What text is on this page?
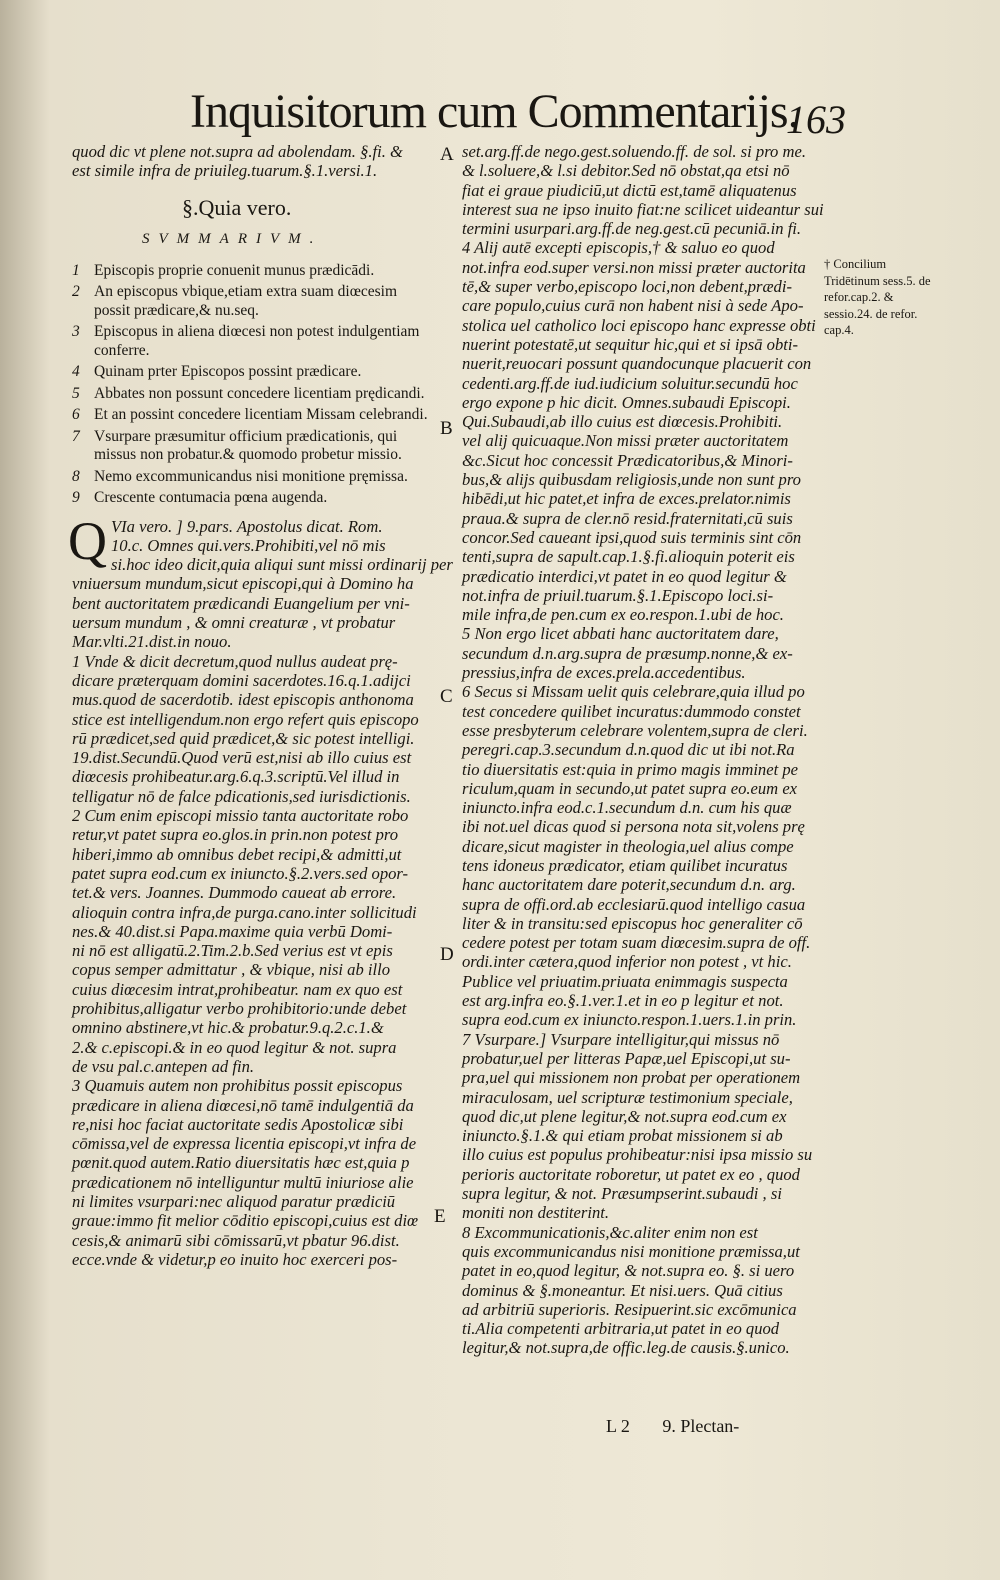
Inquisitorum cum Commentarijs.
163
quod dic vt plene not.supra ad abolendam. §.fi. &
est simile infra de priuileg.tuarum.§.1.versi.1.
§.Quia vero.
SVMMARIVM.
1 Episcopis proprie conuenit munus prædicādi.
2 An episcopus vbique,etiam extra suam diœcesim possit prædicare,& nu.seq.
3 Episcopus in aliena diœcesi non potest indulgentiam conferre.
4 Quinam prter Episcopos possint prædicare.
5 Abbates non possunt concedere licentiam prędicandi.
6 Et an possint concedere licentiam Missam celebrandi.
7 Vsurpare præsumitur officium prædicationis, qui missus non probatur.& quomodo probetur missio.
8 Nemo excommunicandus nisi monitione pręmissa.
9 Crescente contumacia pœna augenda.
Q VIa vero. ] 9.pars. Apostolus dicat. Rom.
10.c. Omnes qui.vers.Prohibiti,vel nō mis
si.hoc ideo dicit,quia aliqui sunt missi ordinarij per
vniuersum mundum,sicut episcopi,qui à Domino ha
bent auctoritatem prædicandi Euangelium per vni-
uersum mundum , & omni creaturæ , vt probatur
Mar.vlti.21.dist.in nouo.
1 Vnde & dicit decretum,quod nullus audeat prę-
dicare præterquam domini sacerdotes.16.q.1.adijci
mus.quod de sacerdotib. idest episcopis anthonoma
stice est intelligendum.non ergo refert quis episcopo
rū prædicet,sed quid prædicet,& sic potest intelligi.
19.dist.Secundū.Quod verū est,nisi ab illo cuius est
diœcesis prohibeatur.arg.6.q.3.scriptū.Vel illud in
telligatur nō de falce pdicationis,sed iurisdictionis.
2 Cum enim episcopi missio tanta auctoritate robo
retur,vt patet supra eo.glos.in prin.non potest pro
hiberi,immo ab omnibus debet recipi,& admitti,ut
patet supra eod.cum ex iniuncto.§.2.vers.sed opor-
tet.& vers. Joannes. Dummodo caueat ab errore.
alioquin contra infra,de purga.cano.inter sollicitudi
nes.& 40.dist.si Papa.maxime quia verbū Domi-
ni nō est alligatū.2.Tim.2.b.Sed verius est vt epis
copus semper admittatur , & vbique, nisi ab illo
cuius diœcesim intrat,prohibeatur. nam ex quo est
prohibitus,alligatur verbo prohibitorio:unde debet
omnino abstinere,vt hic.& probatur.9.q.2.c.1.&
2.& c.episcopi.& in eo quod legitur & not. supra
de vsu pal.c.antepen ad fin.
3 Quamuis autem non prohibitus possit episcopus
prædicare in aliena diœcesi,nō tamē indulgentiā da
re,nisi hoc faciat auctoritate sedis Apostolicæ sibi
cōmissa,vel de expressa licentia episcopi,vt infra de
pœnit.quod autem.Ratio diuersitatis hæc est,quia p
prædicationem nō intelliguntur multū iniuriose alie
ni limites vsurpari:nec aliquod paratur prædiciū
graue:immo fit melior cōditio episcopi,cuius est diœ
cesis,& animarū sibi cōmissarū,vt pbatur 96.dist.
ecce.vnde & videtur,p eo inuito hoc exerceri pos-
set.arg.ff.de nego.gest.soluendo.ff. de sol. si pro me.
& l.soluere,& l.si debitor.Sed nō obstat,qa etsi nō
fiat ei graue piudiciū,ut dictū est,tamē aliquatenus
interest sua ne ipso inuito fiat:ne scilicet uideantur sui
termini usurpari.arg.ff.de neg.gest.cū pecuniā.in fi.
4 Alij autē excepti episcopis,† & saluo eo quod
not.infra eod.super versi.non missi præter auctorita
tē,& super verbo,episcopo loci,non debent,prædi-
care populo,cuius curā non habent nisi à sede Apo-
stolica uel catholico loci episcopo hanc expresse obti
nuerint potestatē,ut sequitur hic,qui et si ipsā obti-
nuerit,reuocari possunt quandocunque placuerit con
cedenti.arg.ff.de iud.iudicium soluitur.secundū hoc
ergo expone p hic dicit. Omnes.subaudi Episcopi.
Qui.Subaudi,ab illo cuius est diœcesis.Prohibiti.
vel alij quicuaque.Non missi præter auctoritatem
&c.Sicut hoc concessit Prædicatoribus,& Minori-
bus,& alijs quibusdam religiosis,unde non sunt pro
hibēdi,ut hic patet,et infra de exces.prelator.nimis
praua.& supra de cler.nō resid.fraternitati,cū suis
concor.Sed caueant ipsi,quod suis terminis sint cōn
tenti,supra de sapult.cap.1.§.fi.alioquin poterit eis
prædicatio interdici,vt patet in eo quod legitur &
not.infra de priuil.tuarum.§.1.Episcopo loci.si-
mile infra,de pen.cum ex eo.respon.1.ubi de hoc.
5 Non ergo licet abbati hanc auctoritatem dare,
secundum d.n.arg.supra de præsump.nonne,& ex-
pressius,infra de exces.prela.accedentibus.
6 Secus si Missam uelit quis celebrare,quia illud po
test concedere quilibet incuratus:dummodo constet
esse presbyterum celebrare volentem,supra de cleri.
peregri.cap.3.secundum d.n.quod dic ut ibi not.Ra
tio diuersitatis est:quia in primo magis imminet pe
riculum,quam in secundo,ut patet supra eo.eum ex
iniuncto.infra eod.c.1.secundum d.n. cum his quæ
ibi not.uel dicas quod si persona nota sit,volens prę
dicare,sicut magister in theologia,uel alius compe
tens idoneus prædicator, etiam quilibet incuratus
hanc auctoritatem dare poterit,secundum d.n. arg.
supra de offi.ord.ab ecclesiarū.quod intelligo casua
liter & in transitu:sed episcopus hoc generaliter cō
cedere potest per totam suam diœcesim.supra de off.
ordi.inter cætera,quod inferior non potest , vt hic.
Publice vel priuatim.priuata enimmagis suspecta
est arg.infra eo.§.1.ver.1.et in eo p legitur et not.
supra eod.cum ex iniuncto.respon.1.uers.1.in prin.
7 Vsurpare.] Vsurpare intelligitur,qui missus nō
probatur,uel per litteras Papæ,uel Episcopi,ut su-
pra,uel qui missionem non probat per operationem
miraculosam, uel scripturæ testimonium speciale,
quod dic,ut plene legitur,& not.supra eod.cum ex
iniuncto.§.1.& qui etiam probat missionem si ab
illo cuius est populus prohibeatur:nisi ipsa missio su
perioris auctoritate roboretur, ut patet ex eo , quod
supra legitur, & not. Præsumpserint.subaudi , si
moniti non destiterint.
8 Excommunicationis,&c.aliter enim non est
quis excommunicandus nisi monitione præmissa,ut
patet in eo,quod legitur, & not.supra eo. §. si uero
dominus & §.moneantur. Et nisi.uers. Quā citius
ad arbitriū superioris. Resipuerint.sic excōmunica
ti.Alia competenti arbitraria,ut patet in eo quod
legitur,& not.supra,de offic.leg.de causis.§.unico.
A
B
C
D
E
† Concilium Tridētinum sess.5. de refor.cap.2. & sessio.24. de refor. cap.4.
L 2 9. Plectan-
